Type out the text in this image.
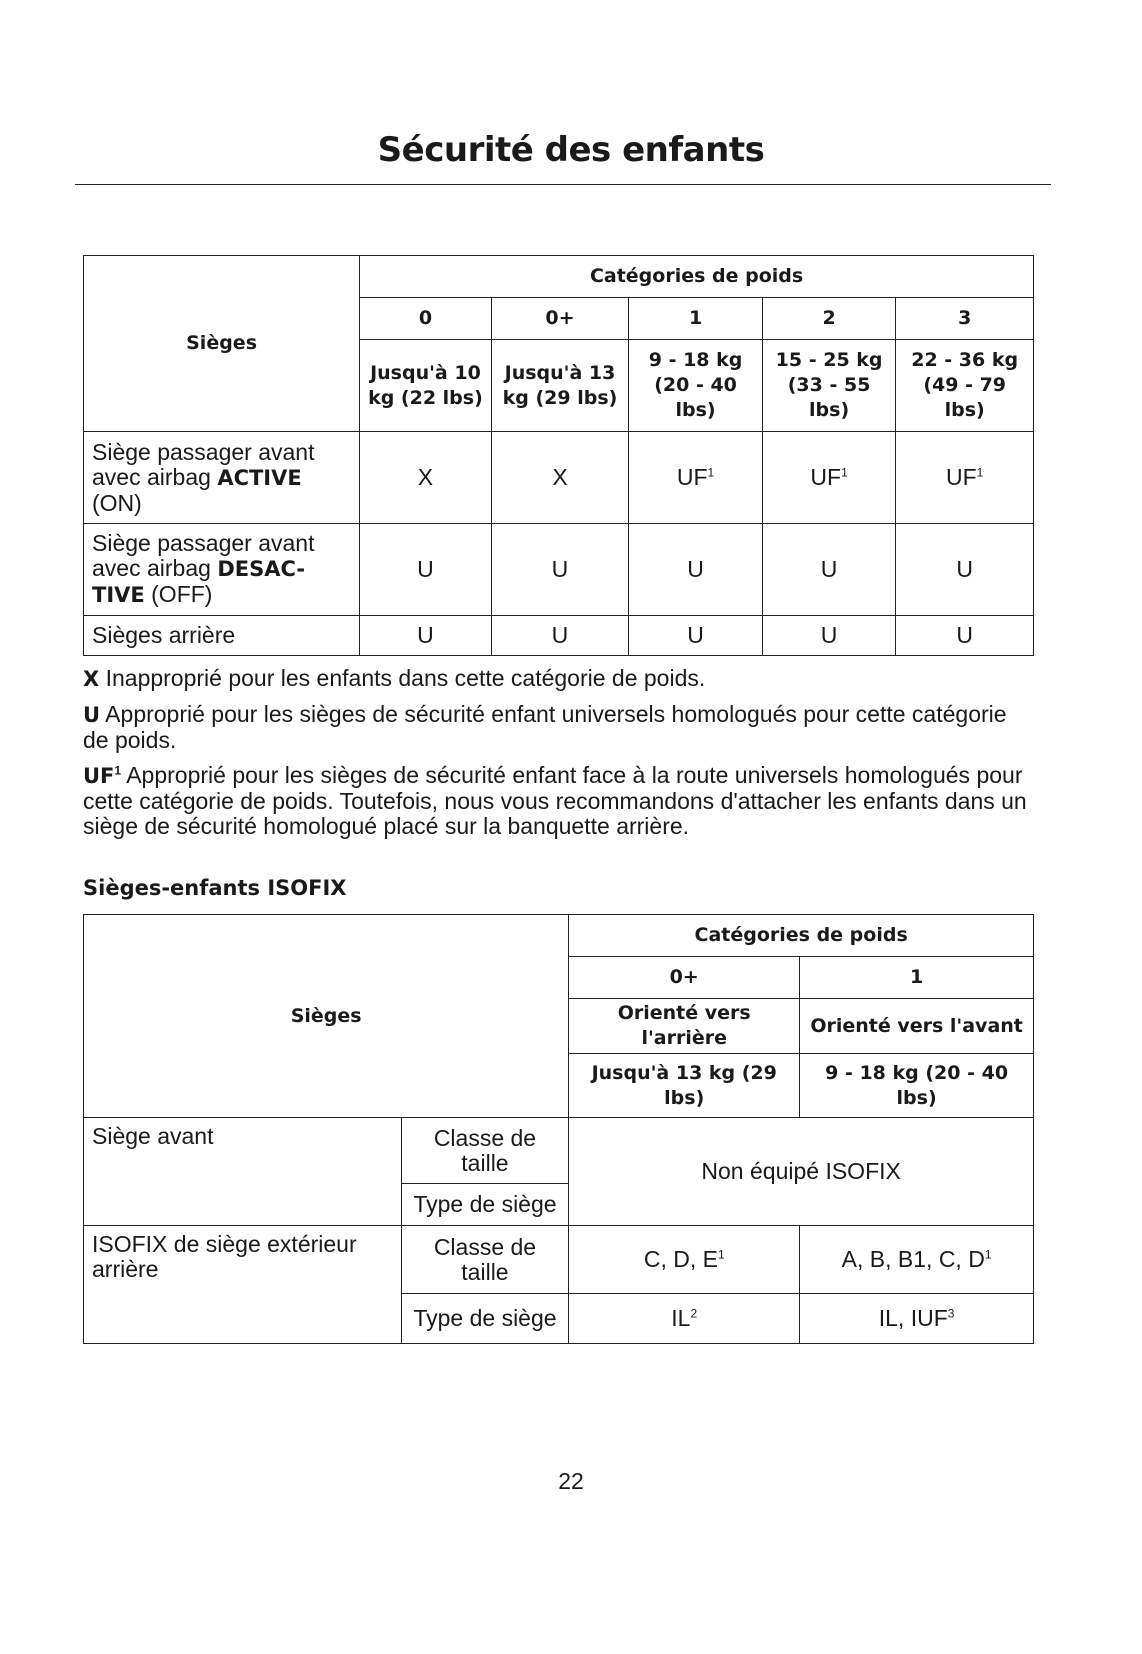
Sécurité des enfants
Sièges	Catégories de poids				
	0	0+	1	2	3
	Jusqu'à 10 kg (22 lbs)	Jusqu'à 13 kg (29 lbs)	9 - 18 kg (20 - 40 lbs)	15 - 25 kg (33 - 55 lbs)	22 - 36 kg (49 - 79 lbs)
Siège passager avant avec airbag ACTIVE (ON)	X	X	$UF^1$	$UF^1$	$UF^1$
Siège passager avant avec airbag DESAC-TIVE (OFF)	U	U	U	U	U
Sièges arrière	U	U	U	U	U

X Inapproprié pour les enfants dans cette catégorie de poids.

U Approprié pour les sièges de sécurité enfant universels homologués pour cette catégorie de poids.

$UF^1$ Approprié pour les sièges de sécurité enfant face à la route universels homologués pour cette catégorie de poids. Toutefois, nous vous recommandons d'attacher les enfants dans un siège de sécurité homologué placé sur la banquette arrière.

Sièges-enfants ISOFIX
Sièges		Catégories de poids	
		0+	1
		Orienté vers l'arrière	Orienté vers l'avant
		Jusqu'à 13 kg (29 lbs)	9 - 18 kg (20 - 40 lbs)
Siège avant	Classe de taille	Non équipé ISOFIX	
	Type de siège		
ISOFIX de siège extérieur arrière	Classe de taille	C, D, $E^1$	A, B, B1, C, $D^1$
	Type de siège	$IL^2$	IL, IUF$^3$
22
